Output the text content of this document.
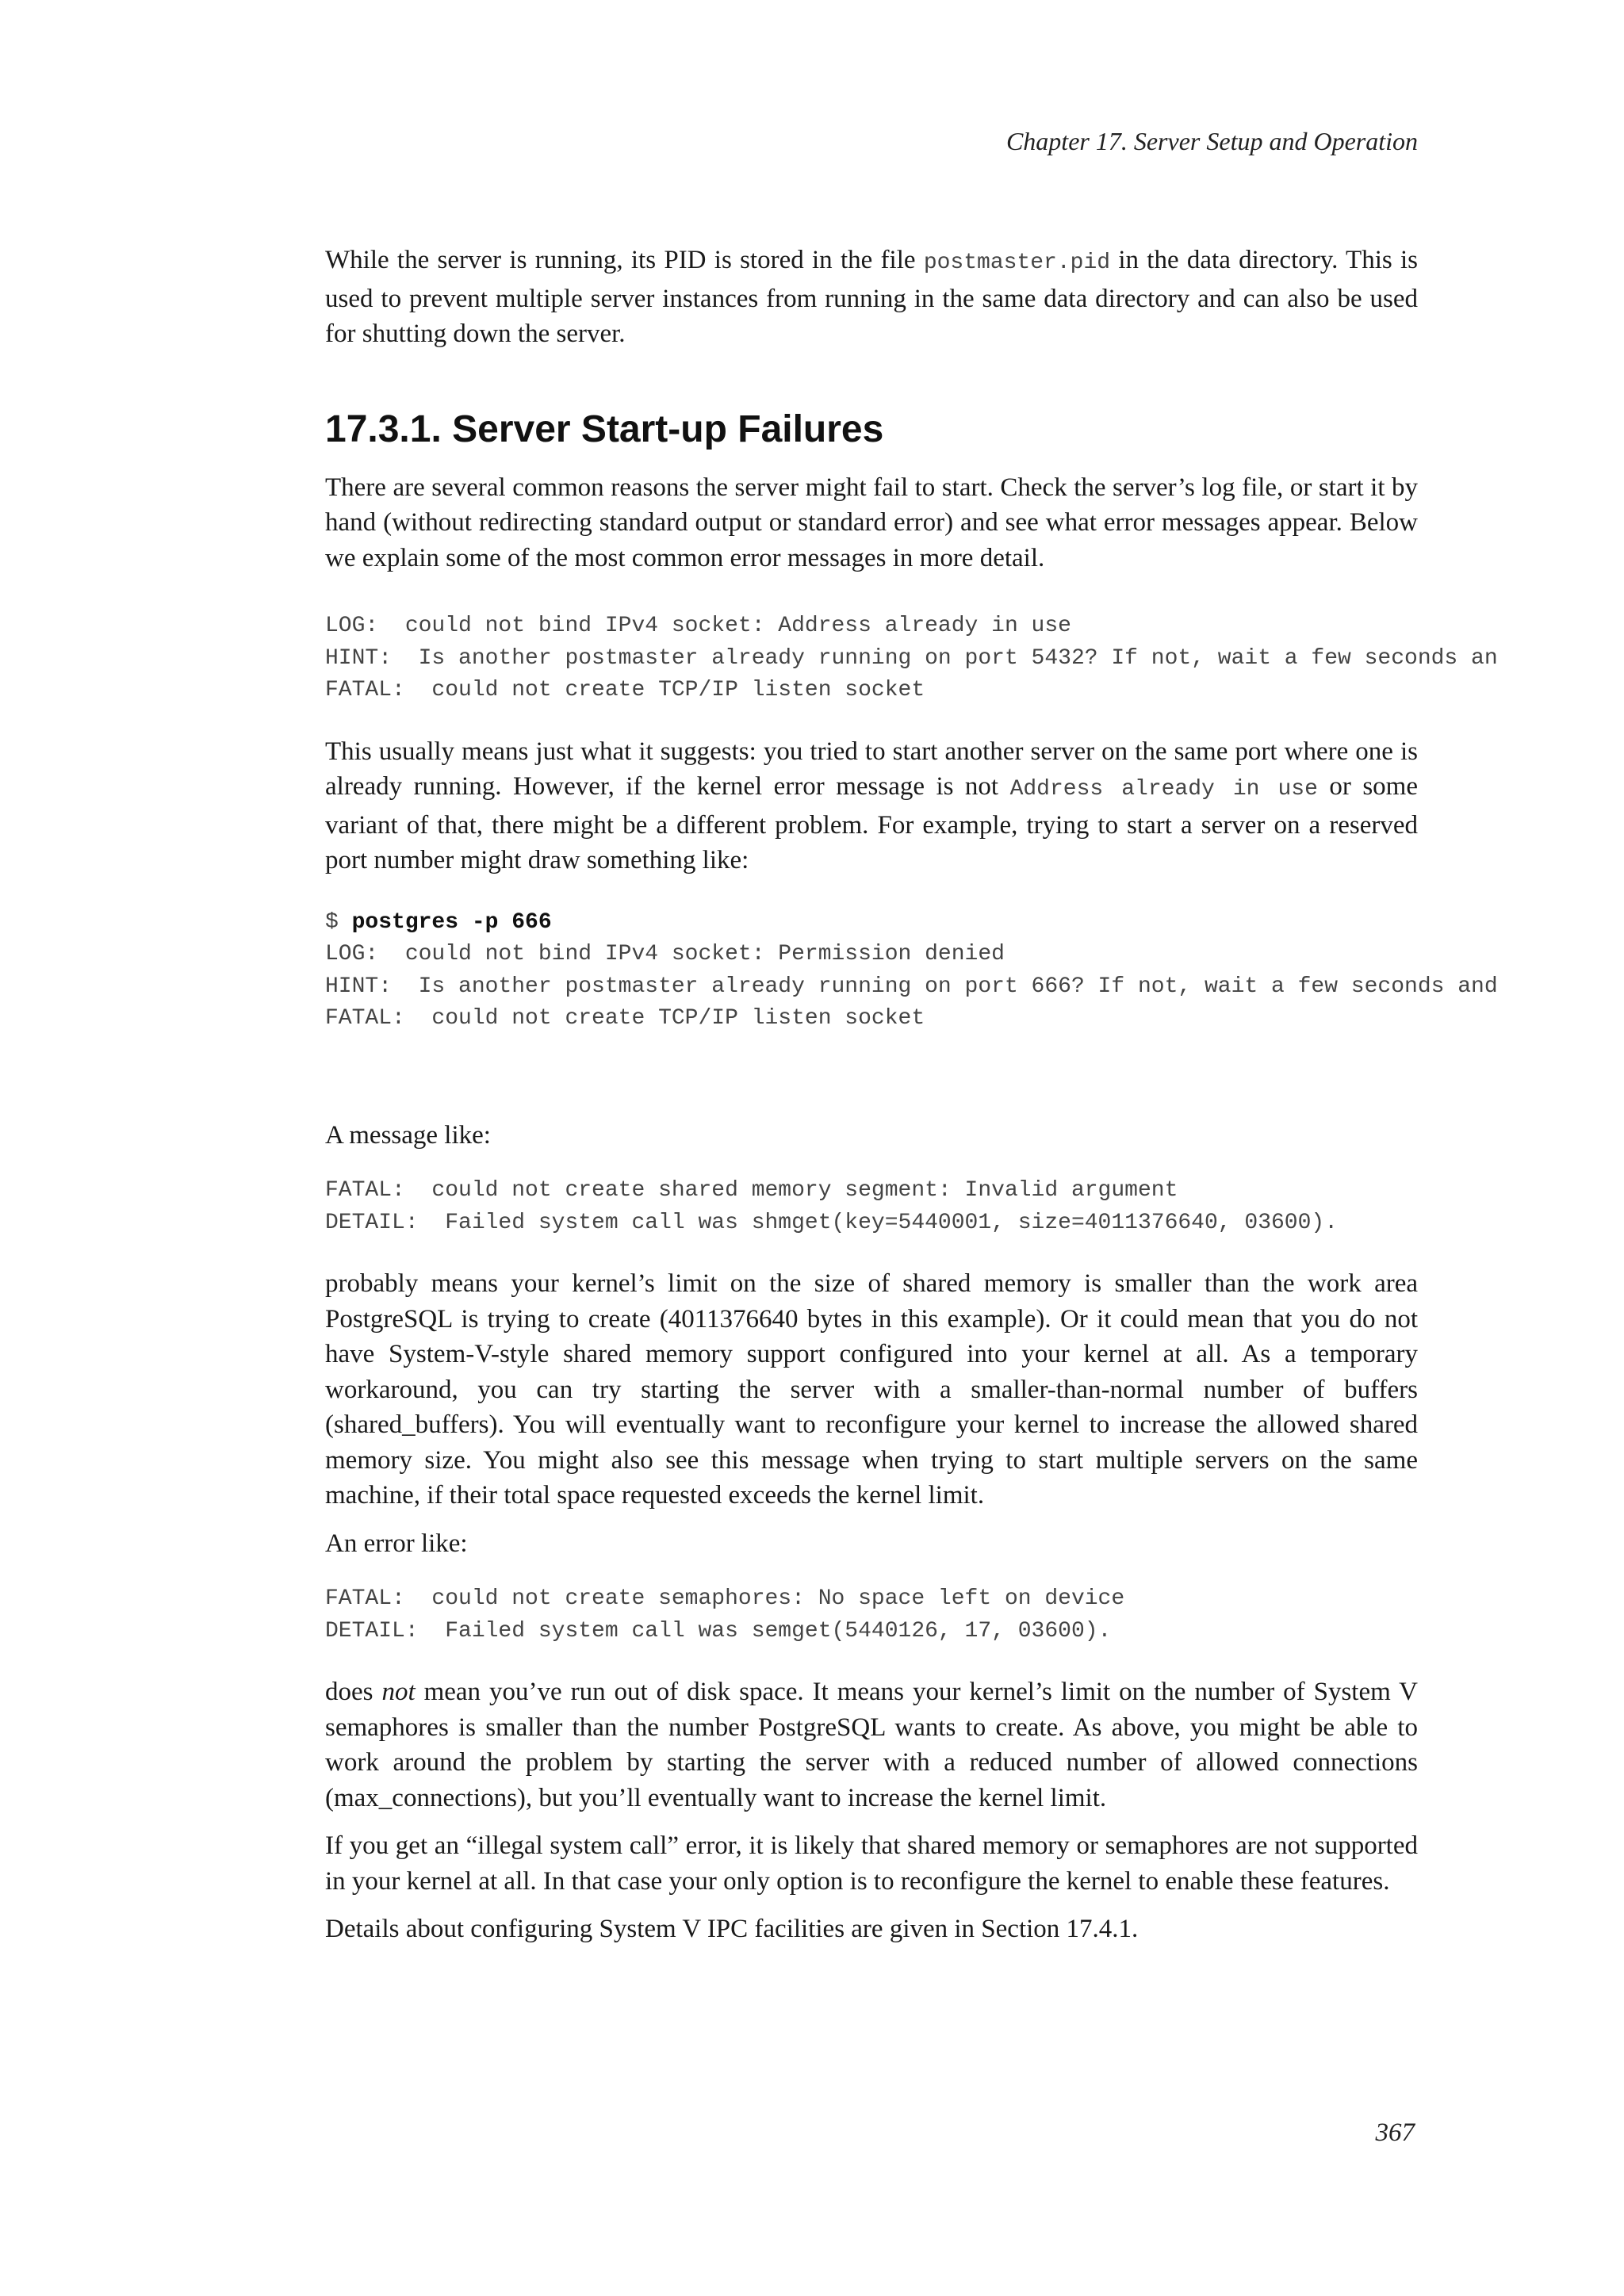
Chapter 17. Server Setup and Operation

While the server is running, its PID is stored in the file postmaster.pid in the data directory. This is used to prevent multiple server instances from running in the same data directory and can also be used for shutting down the server.

17.3.1. Server Start-up Failures

There are several common reasons the server might fail to start. Check the server’s log file, or start it by hand (without redirecting standard output or standard error) and see what error messages appear. Below we explain some of the most common error messages in more detail.

LOG:  could not bind IPv4 socket: Address already in use
HINT:  Is another postmaster already running on port 5432? If not, wait a few seconds an
FATAL:  could not create TCP/IP listen socket

This usually means just what it suggests: you tried to start another server on the same port where one is already running. However, if the kernel error message is not Address already in use or some variant of that, there might be a different problem. For example, trying to start a server on a reserved port number might draw something like:

$ postgres -p 666
LOG:  could not bind IPv4 socket: Permission denied
HINT:  Is another postmaster already running on port 666? If not, wait a few seconds and
FATAL:  could not create TCP/IP listen socket

A message like:

FATAL:  could not create shared memory segment: Invalid argument
DETAIL:  Failed system call was shmget(key=5440001, size=4011376640, 03600).

probably means your kernel’s limit on the size of shared memory is smaller than the work area PostgreSQL is trying to create (4011376640 bytes in this example). Or it could mean that you do not have System-V-style shared memory support configured into your kernel at all. As a temporary workaround, you can try starting the server with a smaller-than-normal number of buffers (shared_buffers). You will eventually want to reconfigure your kernel to increase the allowed shared memory size. You might also see this message when trying to start multiple servers on the same machine, if their total space requested exceeds the kernel limit.

An error like:

FATAL:  could not create semaphores: No space left on device
DETAIL:  Failed system call was semget(5440126, 17, 03600).

does not mean you’ve run out of disk space. It means your kernel’s limit on the number of System V semaphores is smaller than the number PostgreSQL wants to create. As above, you might be able to work around the problem by starting the server with a reduced number of allowed connections (max_connections), but you’ll eventually want to increase the kernel limit.

If you get an “illegal system call” error, it is likely that shared memory or semaphores are not supported in your kernel at all. In that case your only option is to reconfigure the kernel to enable these features.

Details about configuring System V IPC facilities are given in Section 17.4.1.

367
